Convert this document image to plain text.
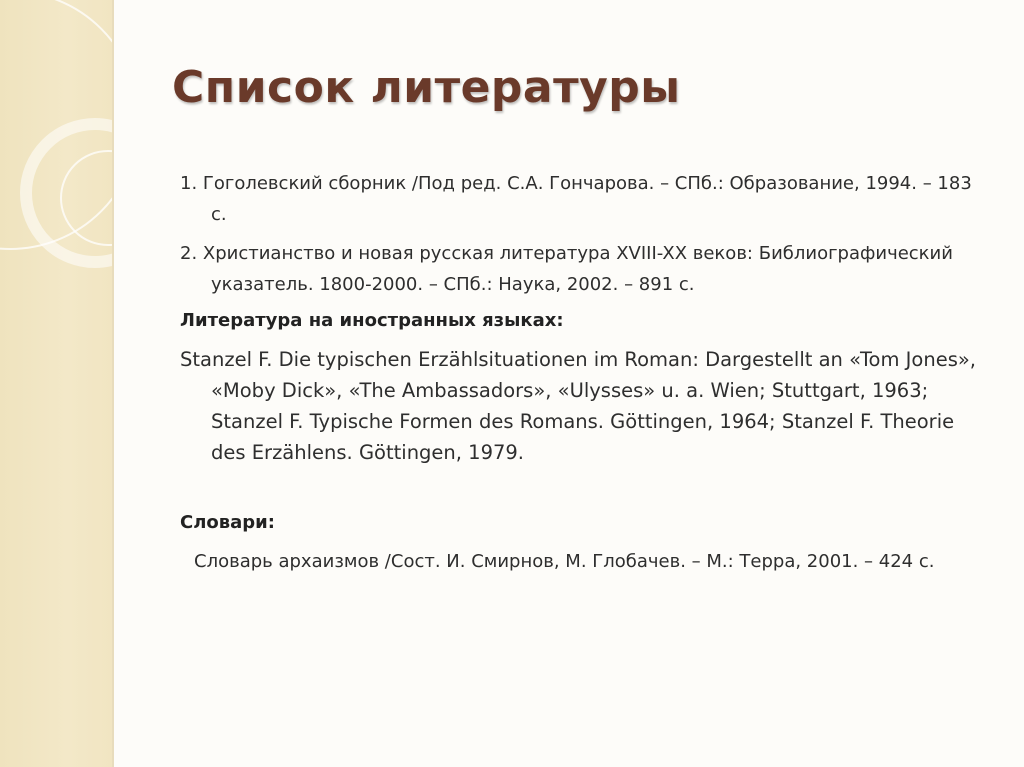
Список литературы

1. Гоголевский сборник /Под ред. С.А. Гончарова. – СПб.: Образование, 1994. – 183 с.

2. Христианство и новая русская литература XVIII-XX веков: Библиографический указатель. 1800-2000. – СПб.: Наука, 2002. – 891 с.

Литература на иностранных языках:

Stanzel F. Die typischen Erzählsituationen im Roman: Dargestellt an «Tom Jones», «Moby Dick», «The Ambassadors», «Ulysses» u. a. Wien; Stuttgart, 1963; Stanzel F. Typische Formen des Romans. Göttingen, 1964; Stanzel F. Theorie des Erzählens. Göttingen, 1979.

Словари:

Словарь архаизмов /Сост. И. Смирнов, М. Глобачев. – М.: Терра, 2001. – 424 с.
